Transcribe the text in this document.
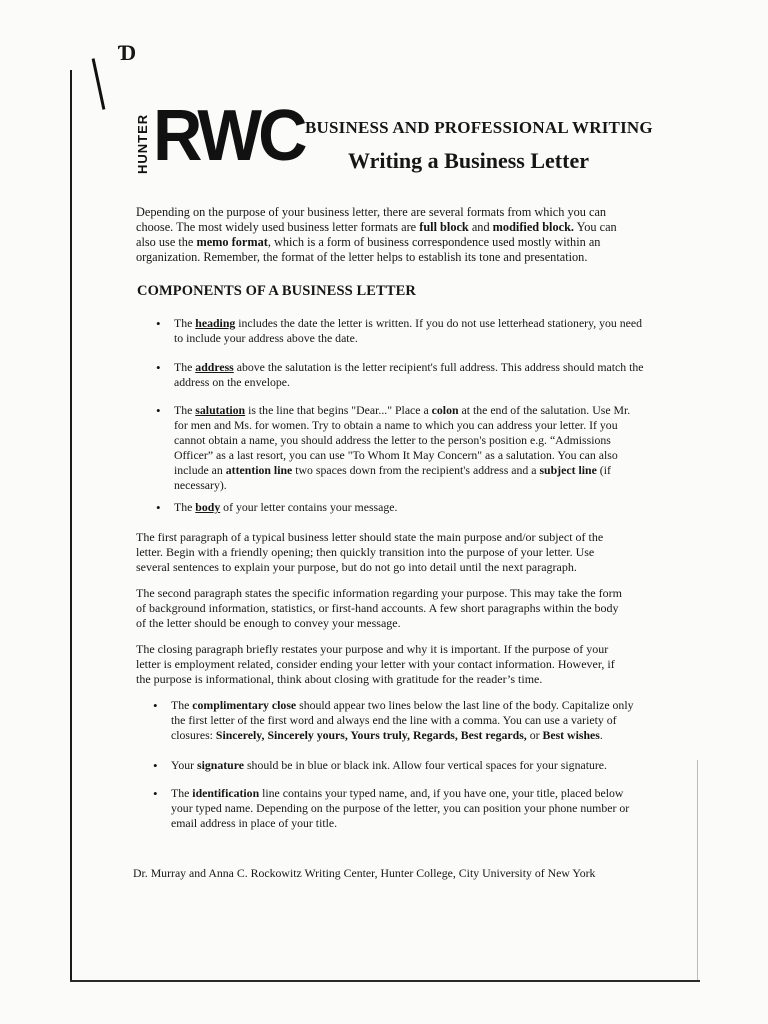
Ɗ
HUNTER RWC BUSINESS AND PROFESSIONAL WRITING
Writing a Business Letter
Depending on the purpose of your business letter, there are several formats from which you can choose. The most widely used business letter formats are full block and modified block. You can also use the memo format, which is a form of business correspondence used mostly within an organization. Remember, the format of the letter helps to establish its tone and presentation.
COMPONENTS OF A BUSINESS LETTER
• The heading includes the date the letter is written. If you do not use letterhead stationery, you need to include your address above the date.
• The address above the salutation is the letter recipient's full address. This address should match the address on the envelope.
• The salutation is the line that begins "Dear..." Place a colon at the end of the salutation. Use Mr. for men and Ms. for women. Try to obtain a name to which you can address your letter. If you cannot obtain a name, you should address the letter to the person's position e.g. “Admissions Officer” as a last resort, you can use "To Whom It May Concern" as a salutation. You can also include an attention line two spaces down from the recipient's address and a subject line (if necessary).
• The body of your letter contains your message.
The first paragraph of a typical business letter should state the main purpose and/or subject of the letter. Begin with a friendly opening; then quickly transition into the purpose of your letter. Use several sentences to explain your purpose, but do not go into detail until the next paragraph.
The second paragraph states the specific information regarding your purpose. This may take the form of background information, statistics, or first-hand accounts. A few short paragraphs within the body of the letter should be enough to convey your message.
The closing paragraph briefly restates your purpose and why it is important. If the purpose of your letter is employment related, consider ending your letter with your contact information. However, if the purpose is informational, think about closing with gratitude for the reader’s time.
• The complimentary close should appear two lines below the last line of the body. Capitalize only the first letter of the first word and always end the line with a comma. You can use a variety of closures: Sincerely, Sincerely yours, Yours truly, Regards, Best regards, or Best wishes.
• Your signature should be in blue or black ink. Allow four vertical spaces for your signature.
• The identification line contains your typed name, and, if you have one, your title, placed below your typed name. Depending on the purpose of the letter, you can position your phone number or email address in place of your title.
Dr. Murray and Anna C. Rockowitz Writing Center, Hunter College, City University of New York
